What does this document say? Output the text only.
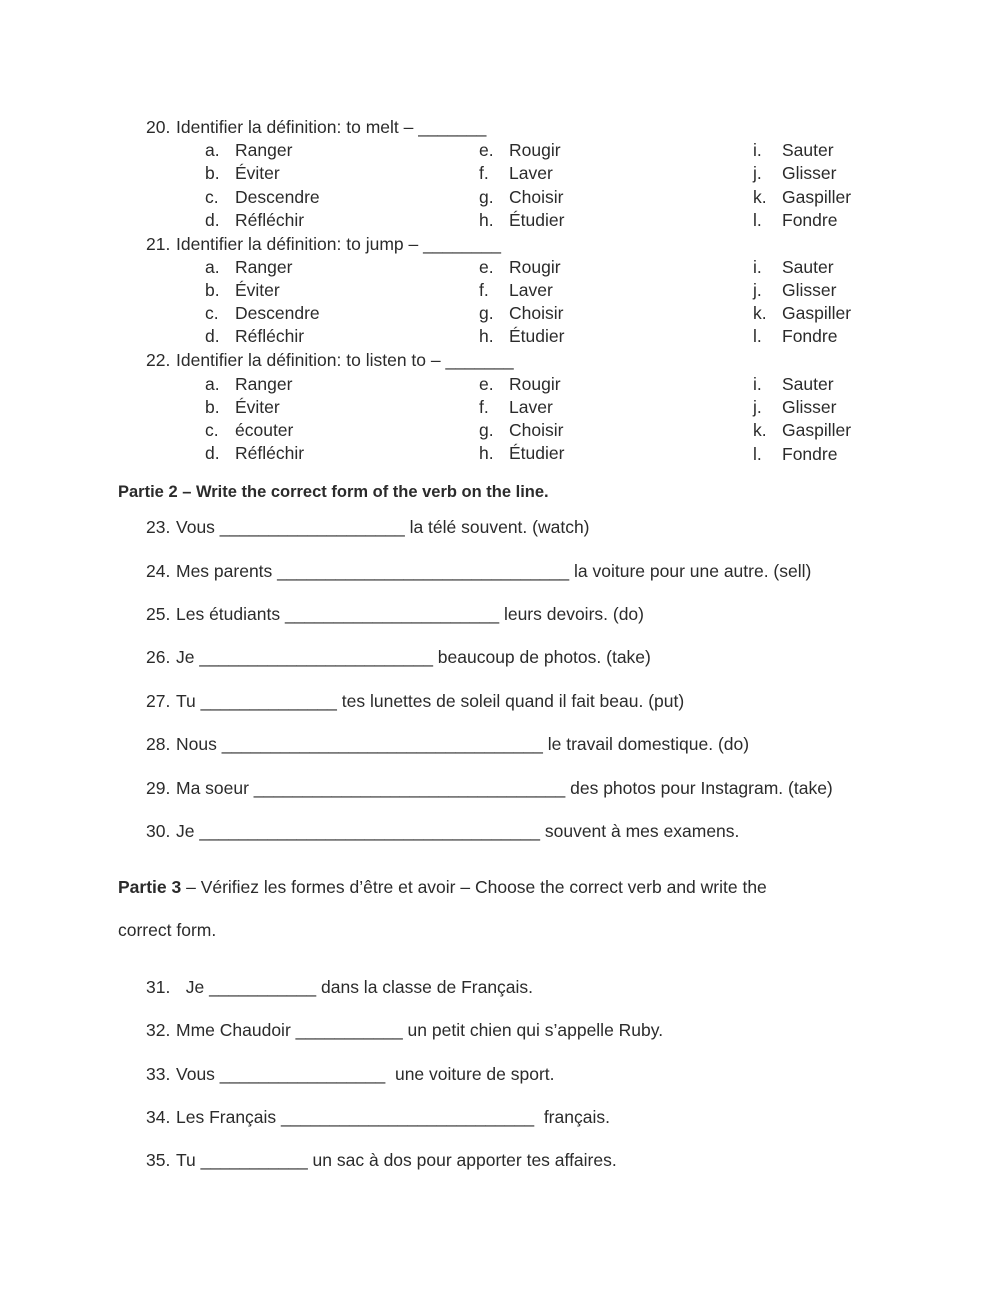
20. Identifier la définition: to melt – _______
a. Ranger
b. Éviter
c. Descendre
d. Réfléchir
e. Rougir
f. Laver
g. Choisir
h. Étudier
i. Sauter
j. Glisser
k. Gaspiller
l. Fondre
21. Identifier la définition: to jump – ________
a. Ranger
b. Éviter
c. Descendre
d. Réfléchir
e. Rougir
f. Laver
g. Choisir
h. Étudier
i. Sauter
j. Glisser
k. Gaspiller
l. Fondre
22. Identifier la définition: to listen to – _______
a. Ranger
b. Éviter
c. écouter
d. Réfléchir
e. Rougir
f. Laver
g. Choisir
h. Étudier
i. Sauter
j. Glisser
k. Gaspiller
l. Fondre
Partie 2 – Write the correct form of the verb on the line.
23. Vous ___________________ la télé souvent. (watch)
24. Mes parents ______________________________ la voiture pour une autre. (sell)
25. Les étudiants ______________________ leurs devoirs. (do)
26. Je ________________________ beaucoup de photos. (take)
27. Tu ______________ tes lunettes de soleil quand il fait beau. (put)
28. Nous _________________________________ le travail domestique. (do)
29. Ma soeur ________________________________ des photos pour Instagram. (take)
30. Je ___________________________________ souvent à mes examens.
Partie 3 – Vérifiez les formes d’être et avoir – Choose the correct verb and write the
correct form.
31. Je ___________ dans la classe de Français.
32. Mme Chaudoir ___________ un petit chien qui s’appelle Ruby.
33. Vous _________________  une voiture de sport.
34. Les Français __________________________  français.
35. Tu ___________ un sac à dos pour apporter tes affaires.
